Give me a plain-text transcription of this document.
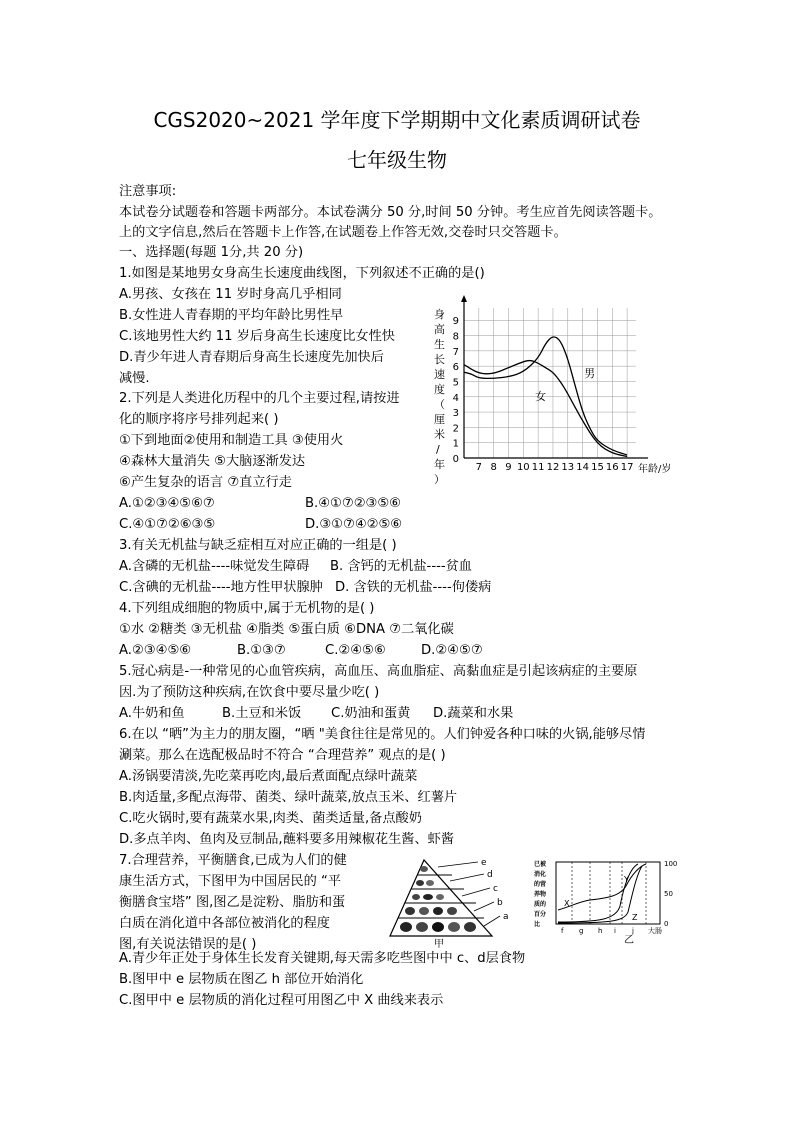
CGS2020~2021 学年度下学期期中文化素质调研试卷
七年级生物
注意事项:
本试卷分试题卷和答题卡两部分。本试卷满分 50 分,时间 50 分钟。考生应首先阅读答题卡。
上的文字信息,然后在答题卡上作答,在试题卷上作答无效,交卷时只交答题卡。
一、选择题(每题 1分,共 20 分)
1.如图是某地男女身高生长速度曲线图，下列叙述不正确的是()
A.男孩、女孩在 11 岁时身高几乎相同
B.女性进人青春期的平均年龄比男性早
C.该地男性大约 11 岁后身高生长速度比女性快
D.青少年进人青春期后身高生长速度先加快后
减慢.
7 8 9 10 11 12 13 14 15 16 17
0
1
2
3
4
5
6
7
8
9
年龄/岁
身高生长速度（厘米/年）
男
女
2.下列是人类进化历程中的几个主要过程,请按进
化的顺序将序号排列起来( )
①下到地面②使用和制造工具 ③使用火
④森林大量消失 ⑤大脑逐渐发达
⑥产生复杂的语言 ⑦直立行走
A.①②③④⑤⑥⑦	B.④①⑦②③⑤⑥
C.④①⑦②⑥③⑤	D.③①⑦④②⑤⑥
3.有关无机盐与缺乏症相互对应正确的一组是( )
A.含磷的无机盐----味觉发生障碍 B. 含钙的无机盐----贫血
C.含碘的无机盐----地方性甲状腺肿 D. 含铁的无机盐----佝偻病
4.下列组成细胞的物质中,属于无机物的是( )
①水 ②糖类 ③无机盐 ④脂类 ⑤蛋白质 ⑥DNA ⑦二氧化碳
A.②③④⑤⑥	B.①③⑦	C.②④⑤⑥	D.②④⑤⑦
5.冠心病是-一种常见的心血管疾病，高血压、高血脂症、高黏血症是引起该病症的主要原
因.为了预防这种疾病,在饮食中要尽量少吃( )
A.牛奶和鱼	B.土豆和米饭 C.奶油和蛋黄 D.蔬菜和水果
6.在以 “晒”为主力的朋友圈，“晒 "美食往往是常见的。人们钟爱各种口味的火锅,能够尽情
涮菜。那么在选配极品时不符合 “合理营养” 观点的是( )
A.汤锅要清淡,先吃菜再吃肉,最后煮面配点绿叶蔬菜
B.肉适量,多配点海带、菌类、绿叶蔬菜,放点玉米、红薯片
C.吃火锅时,要有蔬菜水果,肉类、菌类适量,备点酸奶
D.多点羊肉、鱼肉及豆制品,蘸料要多用辣椒花生酱、虾酱
7.合理营养，平衡膳食,已成为人们的健
康生活方式，下图甲为中国居民的 “平
衡膳食宝塔” 图,图乙是淀粉、脂肪和蛋
白质在消化道中各部位被消化的程度
图,有关说法错误的是( )
e
d
c
b
a
甲
已被 消化 的营 养物 质的 百分 比
X
Y
Z
100
50
0
f g h i j 大肠
乙
A.青少年正处于身体生长发育关键期,每天需多吃些图中中 c、d层食物
B.图甲中 e 层物质在图乙 h 部位开始消化
C.图甲中 e 层物质的消化过程可用图乙中 X 曲线来表示
